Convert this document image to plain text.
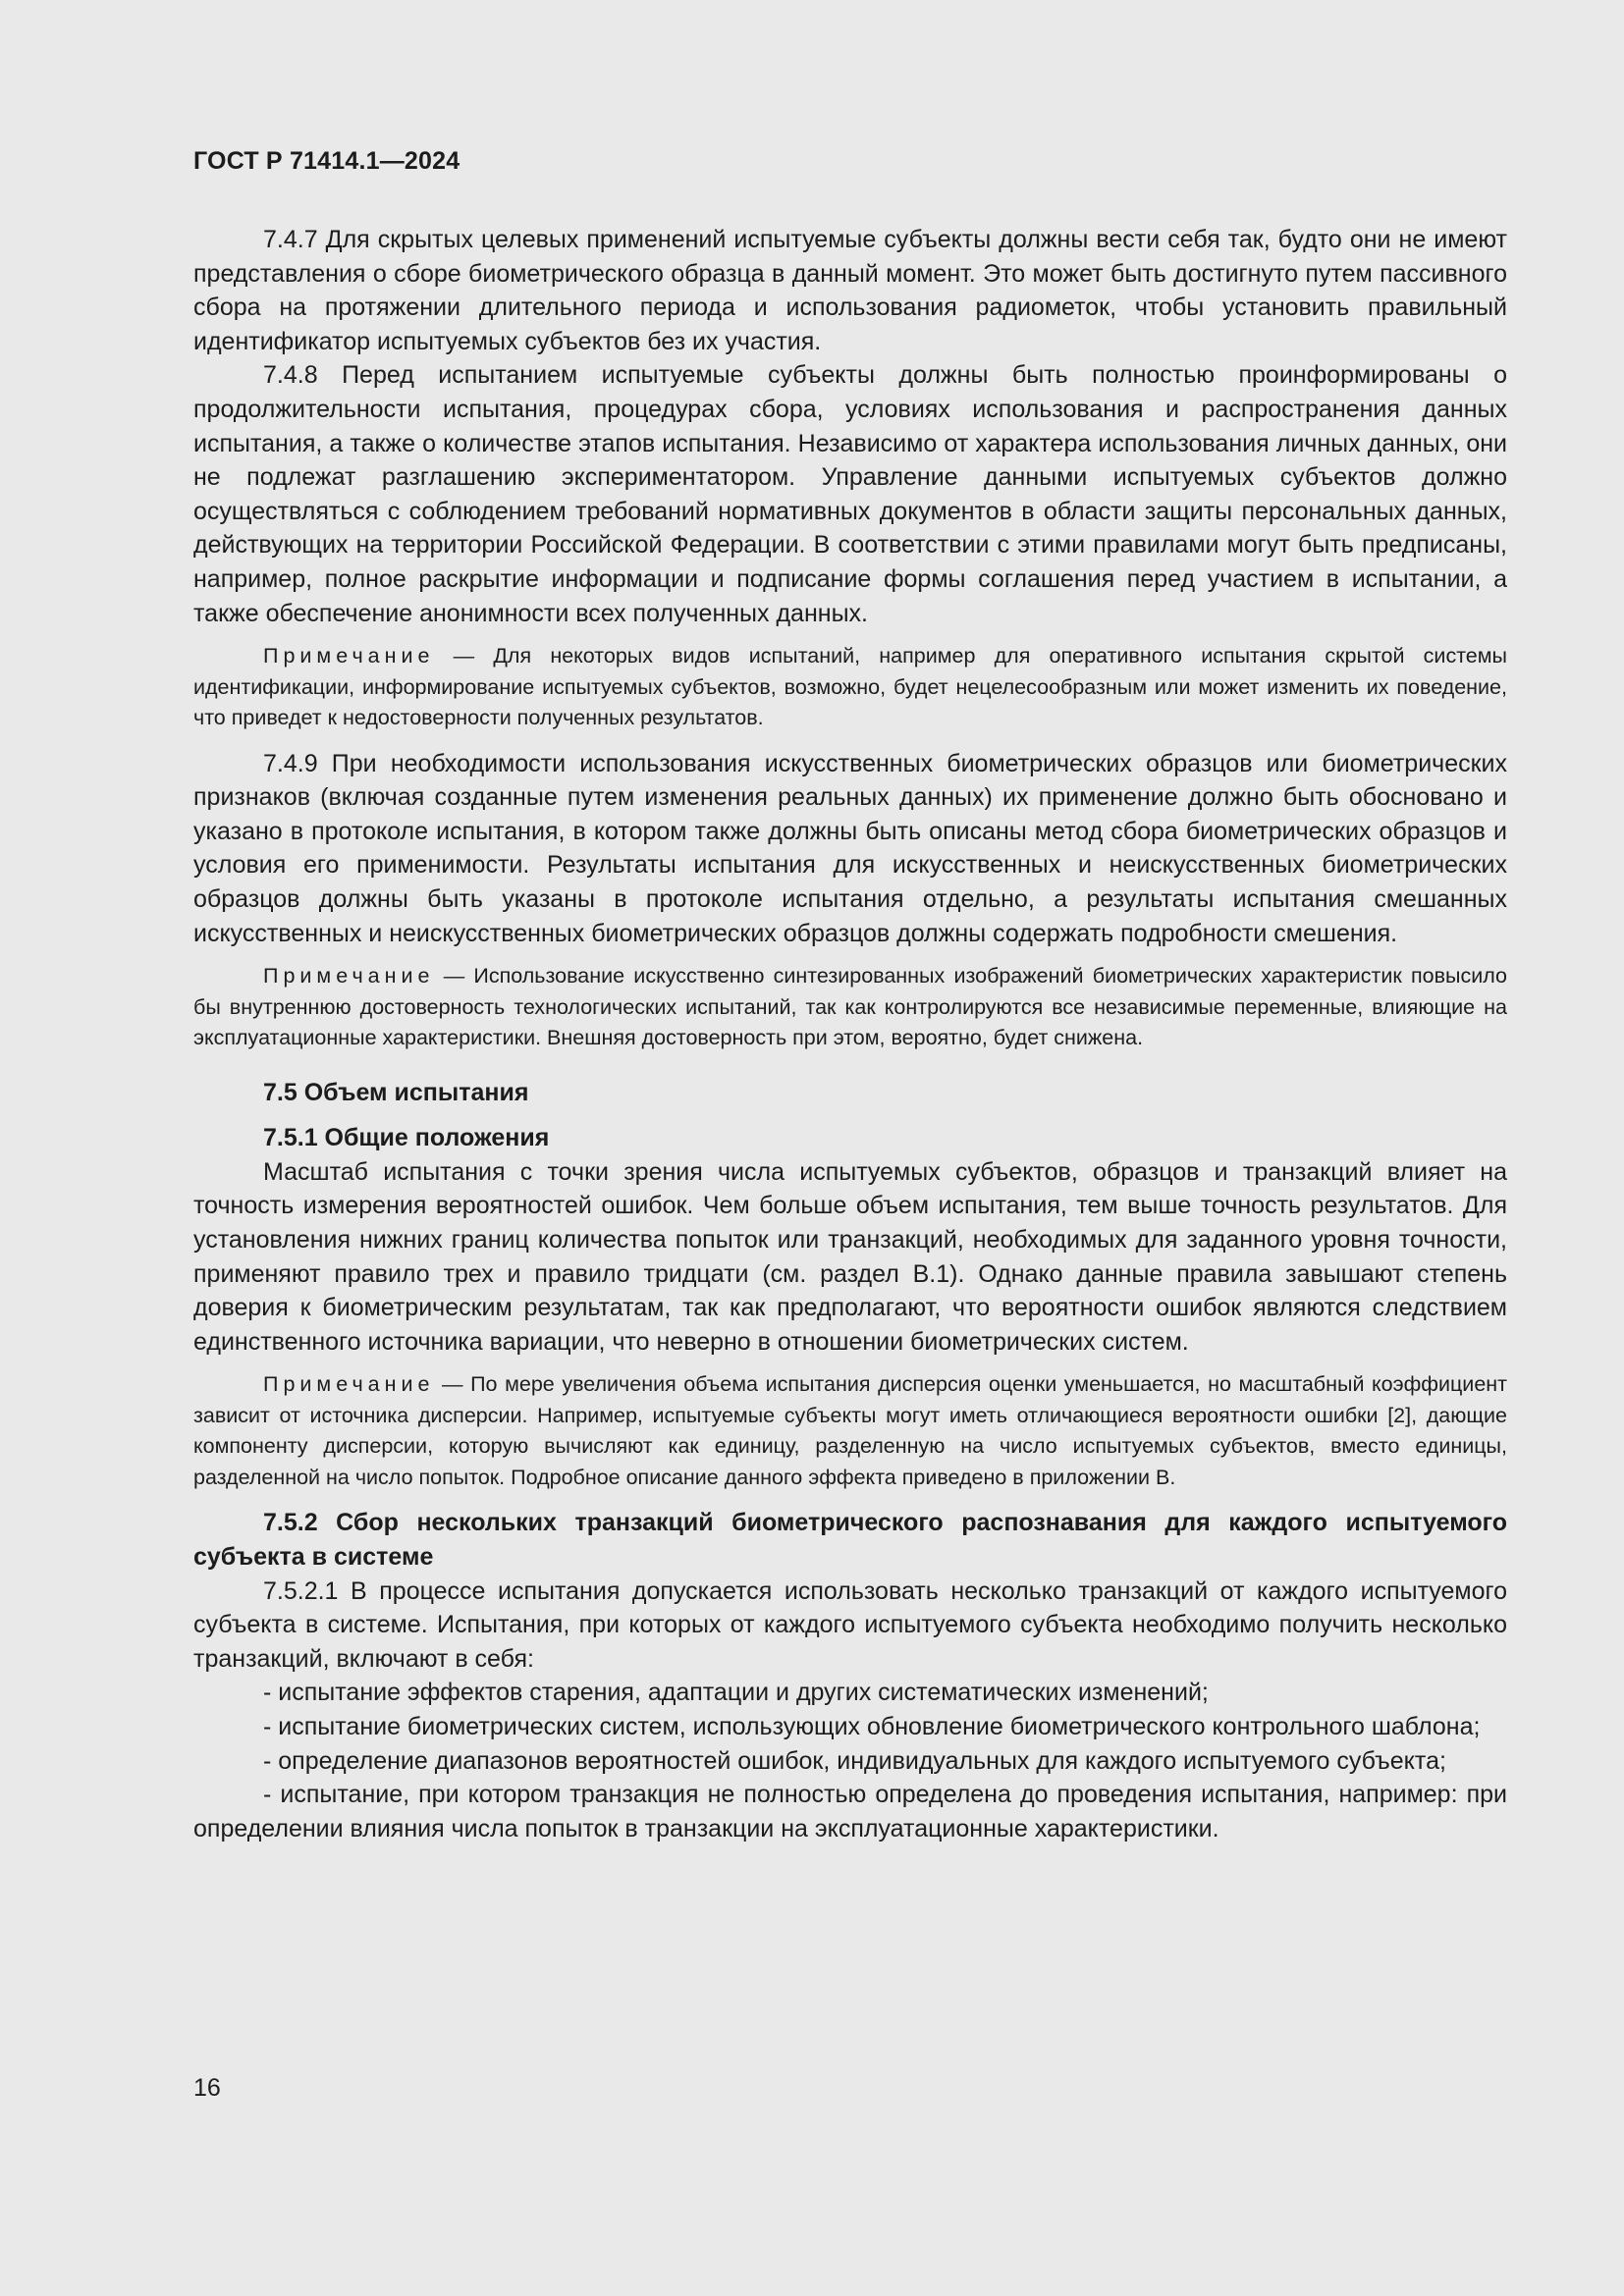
ГОСТ Р 71414.1—2024

7.4.7 Для скрытых целевых применений испытуемые субъекты должны вести себя так, будто они не имеют представления о сборе биометрического образца в данный момент. Это может быть достигнуто путем пассивного сбора на протяжении длительного периода и использования радиометок, чтобы установить правильный идентификатор испытуемых субъектов без их участия.

7.4.8 Перед испытанием испытуемые субъекты должны быть полностью проинформированы о продолжительности испытания, процедурах сбора, условиях использования и распространения данных испытания, а также о количестве этапов испытания. Независимо от характера использования личных данных, они не подлежат разглашению экспериментатором. Управление данными испытуемых субъектов должно осуществляться с соблюдением требований нормативных документов в области защиты персональных данных, действующих на территории Российской Федерации. В соответствии с этими правилами могут быть предписаны, например, полное раскрытие информации и подписание формы соглашения перед участием в испытании, а также обеспечение анонимности всех полученных данных.

Примечание — Для некоторых видов испытаний, например для оперативного испытания скрытой системы идентификации, информирование испытуемых субъектов, возможно, будет нецелесообразным или может изменить их поведение, что приведет к недостоверности полученных результатов.

7.4.9 При необходимости использования искусственных биометрических образцов или биометрических признаков (включая созданные путем изменения реальных данных) их применение должно быть обосновано и указано в протоколе испытания, в котором также должны быть описаны метод сбора биометрических образцов и условия его применимости. Результаты испытания для искусственных и неискусственных биометрических образцов должны быть указаны в протоколе испытания отдельно, а результаты испытания смешанных искусственных и неискусственных биометрических образцов должны содержать подробности смешения.

Примечание — Использование искусственно синтезированных изображений биометрических характеристик повысило бы внутреннюю достоверность технологических испытаний, так как контролируются все независимые переменные, влияющие на эксплуатационные характеристики. Внешняя достоверность при этом, вероятно, будет снижена.

7.5 Объем испытания

7.5.1 Общие положения

Масштаб испытания с точки зрения числа испытуемых субъектов, образцов и транзакций влияет на точность измерения вероятностей ошибок. Чем больше объем испытания, тем выше точность результатов. Для установления нижних границ количества попыток или транзакций, необходимых для заданного уровня точности, применяют правило трех и правило тридцати (см. раздел В.1). Однако данные правила завышают степень доверия к биометрическим результатам, так как предполагают, что вероятности ошибок являются следствием единственного источника вариации, что неверно в отношении биометрических систем.

Примечание — По мере увеличения объема испытания дисперсия оценки уменьшается, но масштабный коэффициент зависит от источника дисперсии. Например, испытуемые субъекты могут иметь отличающиеся вероятности ошибки [2], дающие компоненту дисперсии, которую вычисляют как единицу, разделенную на число испытуемых субъектов, вместо единицы, разделенной на число попыток. Подробное описание данного эффекта приведено в приложении В.

7.5.2 Сбор нескольких транзакций биометрического распознавания для каждого испытуемого субъекта в системе

7.5.2.1 В процессе испытания допускается использовать несколько транзакций от каждого испытуемого субъекта в системе. Испытания, при которых от каждого испытуемого субъекта необходимо получить несколько транзакций, включают в себя:

- испытание эффектов старения, адаптации и других систематических изменений;

- испытание биометрических систем, использующих обновление биометрического контрольного шаблона;

- определение диапазонов вероятностей ошибок, индивидуальных для каждого испытуемого субъекта;

- испытание, при котором транзакция не полностью определена до проведения испытания, например: при определении влияния числа попыток в транзакции на эксплуатационные характеристики.

16
